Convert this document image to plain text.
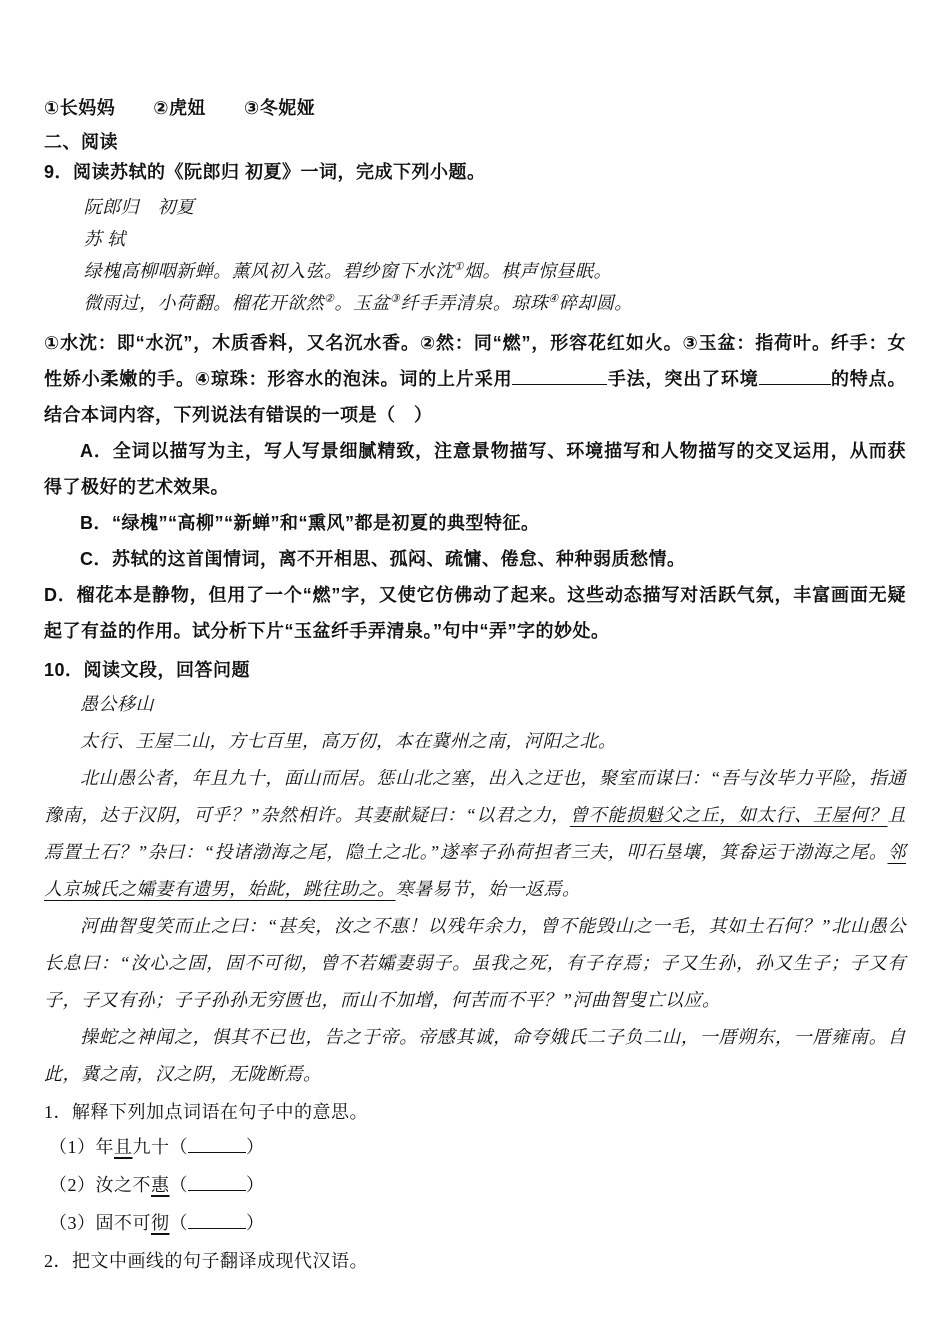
①长妈妈 ②虎妞 ③冬妮娅

二、阅读

9．阅读苏轼的《阮郎归 初夏》一词，完成下列小题。

阮郎归　初夏
苏 轼
绿槐高柳咽新蝉。薰风初入弦。碧纱窗下水沈①烟。棋声惊昼眠。
微雨过，小荷翻。榴花开欲然②。玉盆③纤手弄清泉。琼珠④碎却圆。

①水沈：即“水沉”，木质香料，又名沉水香。②然：同“燃”，形容花红如火。③玉盆：指荷叶。纤手：女性娇小柔嫩的手。④琼珠：形容水的泡沫。词的上片采用	手法，突出了环境	的特点。 结合本词内容，下列说法有错误的一项是（　）

A．全词以描写为主，写人写景细腻精致，注意景物描写、环境描写和人物描写的交叉运用，从而获得了极好的艺术效果。

B．“绿槐”“高柳”“新蝉”和“熏风”都是初夏的典型特征。

C．苏轼的这首闺情词，离不开相思、孤闷、疏慵、倦怠、种种弱质愁情。

D．榴花本是静物，但用了一个“燃”字，又使它仿佛动了起来。这些动态描写对活跃气氛，丰富画面无疑起了有益的作用。试分析下片“玉盆纤手弄清泉。”句中“弄”字的妙处。

10．阅读文段，回答问题

愚公移山

太行、王屋二山，方七百里，高万仞，本在冀州之南，河阳之北。

北山愚公者，年且九十，面山而居。惩山北之塞，出入之迂也，聚室而谋曰：“吾与汝毕力平险，指通豫南，达于汉阴，可乎？”杂然相许。其妻献疑曰：“以君之力，曾不能损魁父之丘，如太行、王屋何？且焉置土石？”杂曰：“投诸渤海之尾，隐土之北。”遂率子孙荷担者三夫，叩石垦壤，箕畚运于渤海之尾。邻人京城氏之孀妻有遗男，始龀，跳往助之。寒暑易节，始一返焉。

河曲智叟笑而止之曰：“甚矣，汝之不惠！以残年余力，曾不能毁山之一毛，其如土石何？”北山愚公长息曰：“汝心之固，固不可彻，曾不若孀妻弱子。虽我之死，有子存焉；子又生孙，孙又生子；子又有子，子又有孙；子子孙孙无穷匮也，而山不加增，何苦而不平？”河曲智叟亡以应。

操蛇之神闻之，惧其不已也，告之于帝。帝感其诚，命夸娥氏二子负二山，一厝朔东，一厝雍南。自此，冀之南，汉之阴，无陇断焉。

1．解释下列加点词语在句子中的意思。

（1）年且九十（	）

（2）汝之不惠（	）

（3）固不可彻（	）

2．把文中画线的句子翻译成现代汉语。
